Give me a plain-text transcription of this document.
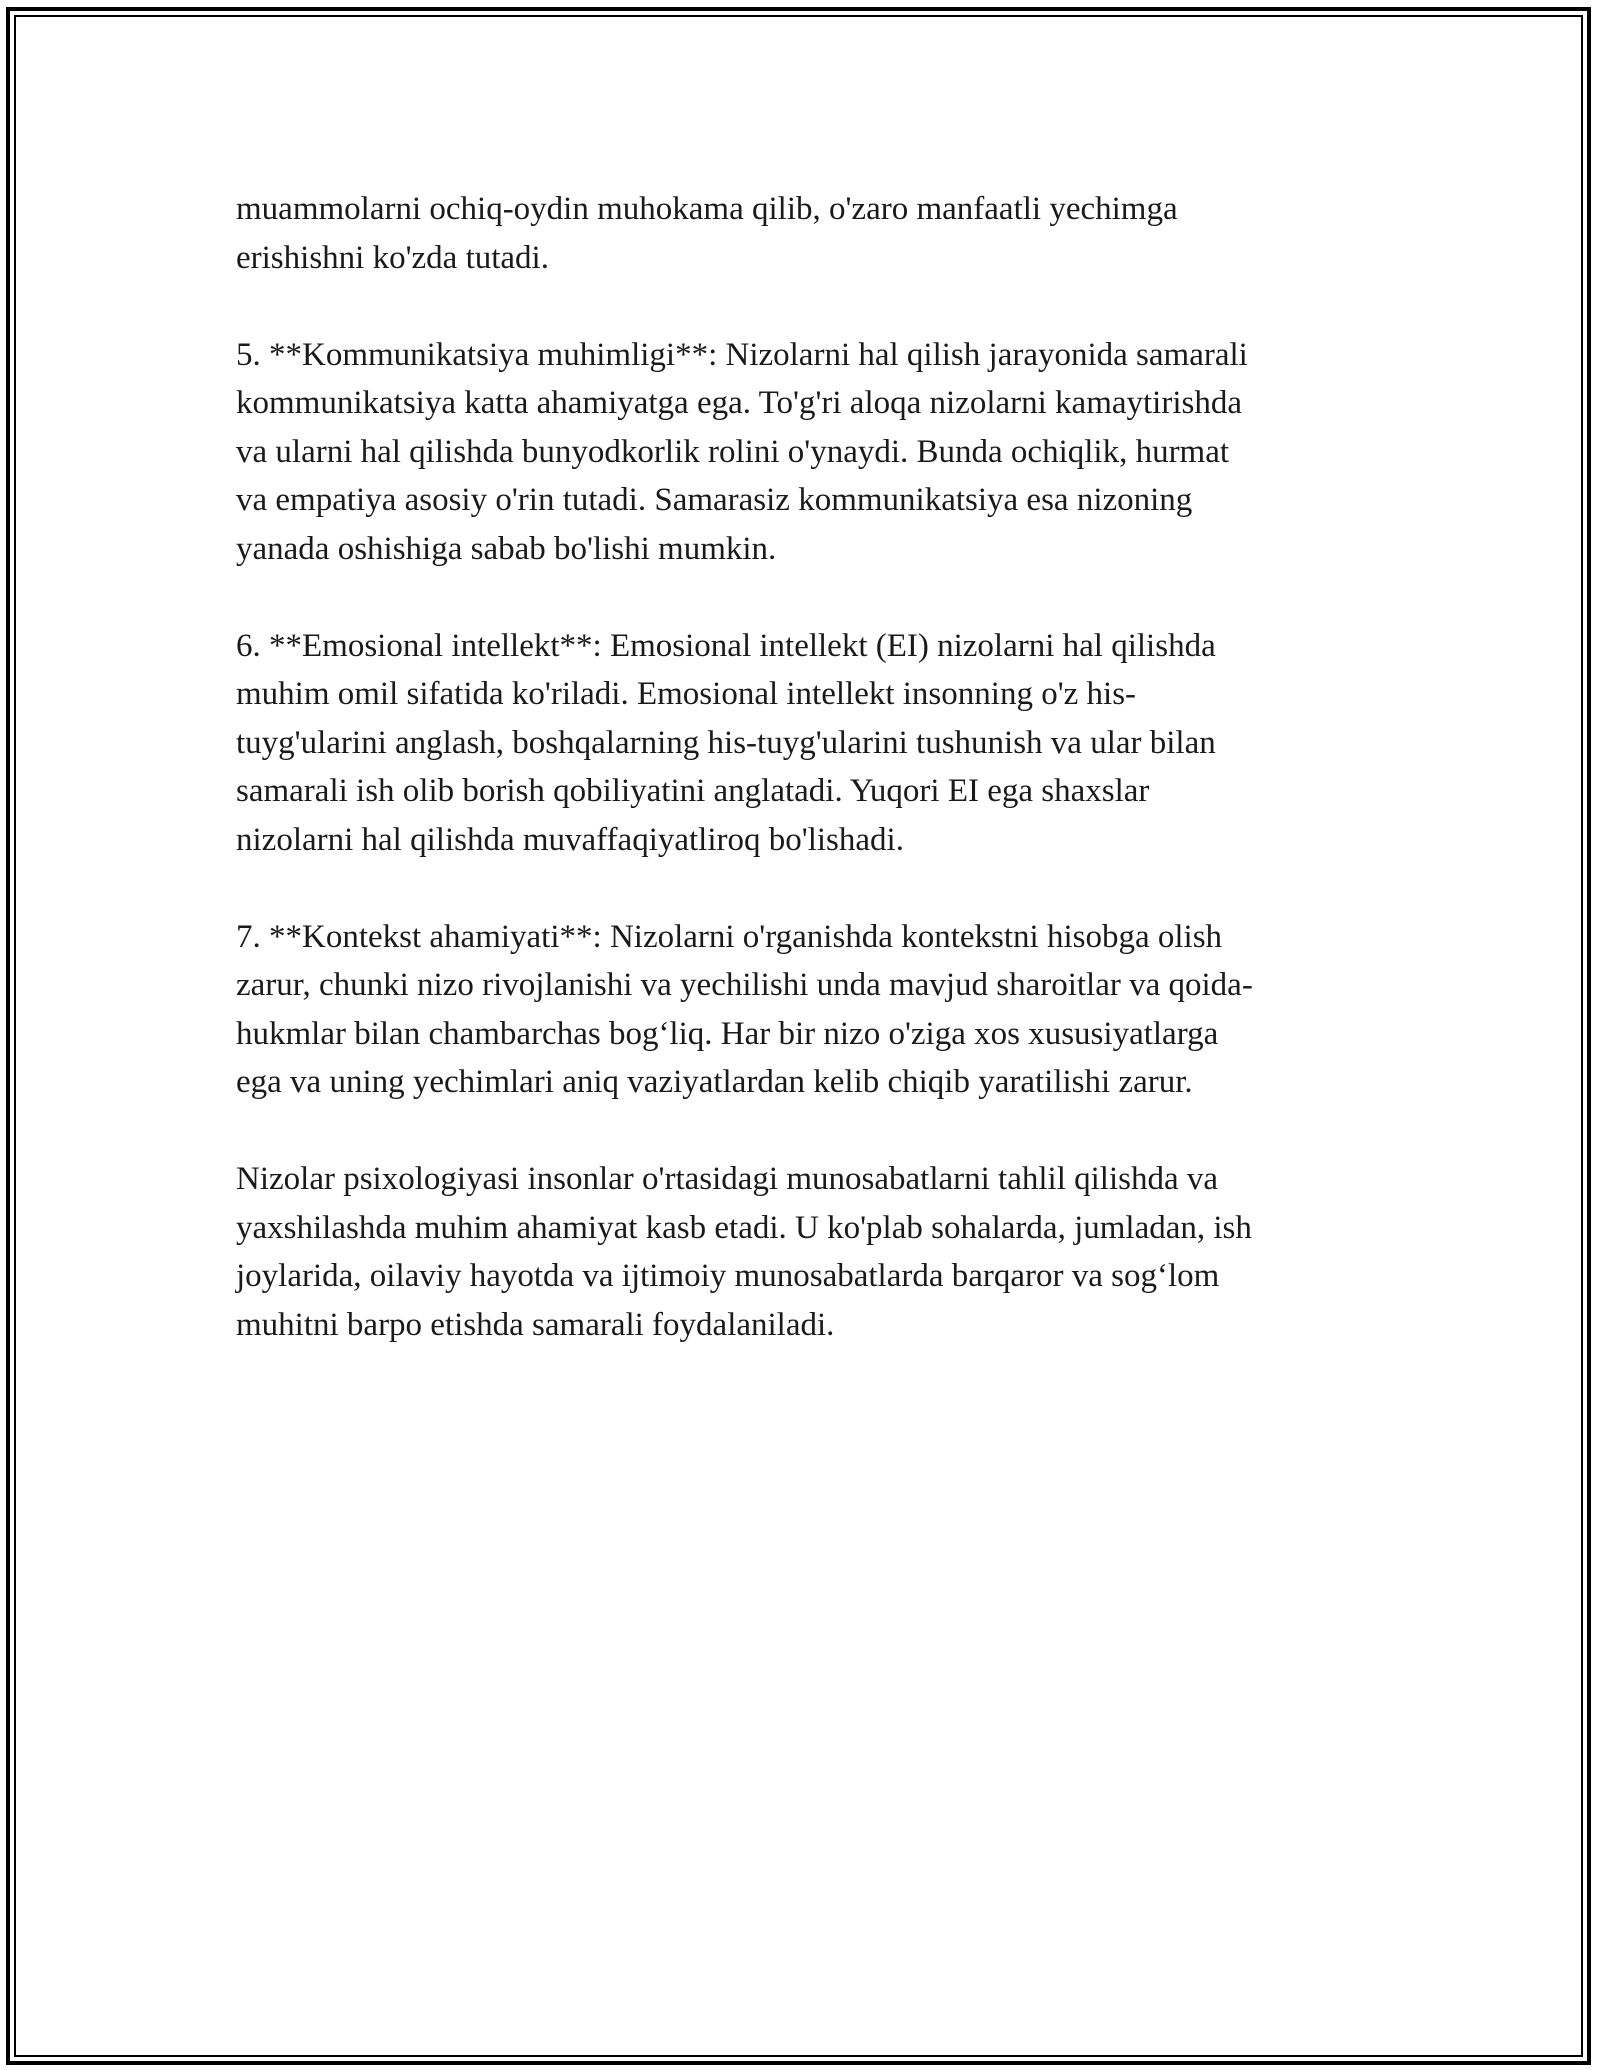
muammolarni ochiq-oydin muhokama qilib, o'zaro manfaatli yechimga
erishishni ko'zda tutadi.

5. **Kommunikatsiya muhimligi**: Nizolarni hal qilish jarayonida samarali
kommunikatsiya katta ahamiyatga ega. To'g'ri aloqa nizolarni kamaytirishda
va ularni hal qilishda bunyodkorlik rolini o'ynaydi. Bunda ochiqlik, hurmat
va empatiya asosiy o'rin tutadi. Samarasiz kommunikatsiya esa nizoning
yanada oshishiga sabab bo'lishi mumkin.

6. **Emosional intellekt**: Emosional intellekt (EI) nizolarni hal qilishda
muhim omil sifatida ko'riladi. Emosional intellekt insonning o'z his-
tuyg'ularini anglash, boshqalarning his-tuyg'ularini tushunish va ular bilan
samarali ish olib borish qobiliyatini anglatadi. Yuqori EI ega shaxslar
nizolarni hal qilishda muvaffaqiyatliroq bo'lishadi.

7. **Kontekst ahamiyati**: Nizolarni o'rganishda kontekstni hisobga olish
zarur, chunki nizo rivojlanishi va yechilishi unda mavjud sharoitlar va qoida-
hukmlar bilan chambarchas bog‘liq. Har bir nizo o'ziga xos xususiyatlarga
ega va uning yechimlari aniq vaziyatlardan kelib chiqib yaratilishi zarur.

Nizolar psixologiyasi insonlar o'rtasidagi munosabatlarni tahlil qilishda va
yaxshilashda muhim ahamiyat kasb etadi. U ko'plab sohalarda, jumladan, ish
joylarida, oilaviy hayotda va ijtimoiy munosabatlarda barqaror va sog‘lom
muhitni barpo etishda samarali foydalaniladi.
